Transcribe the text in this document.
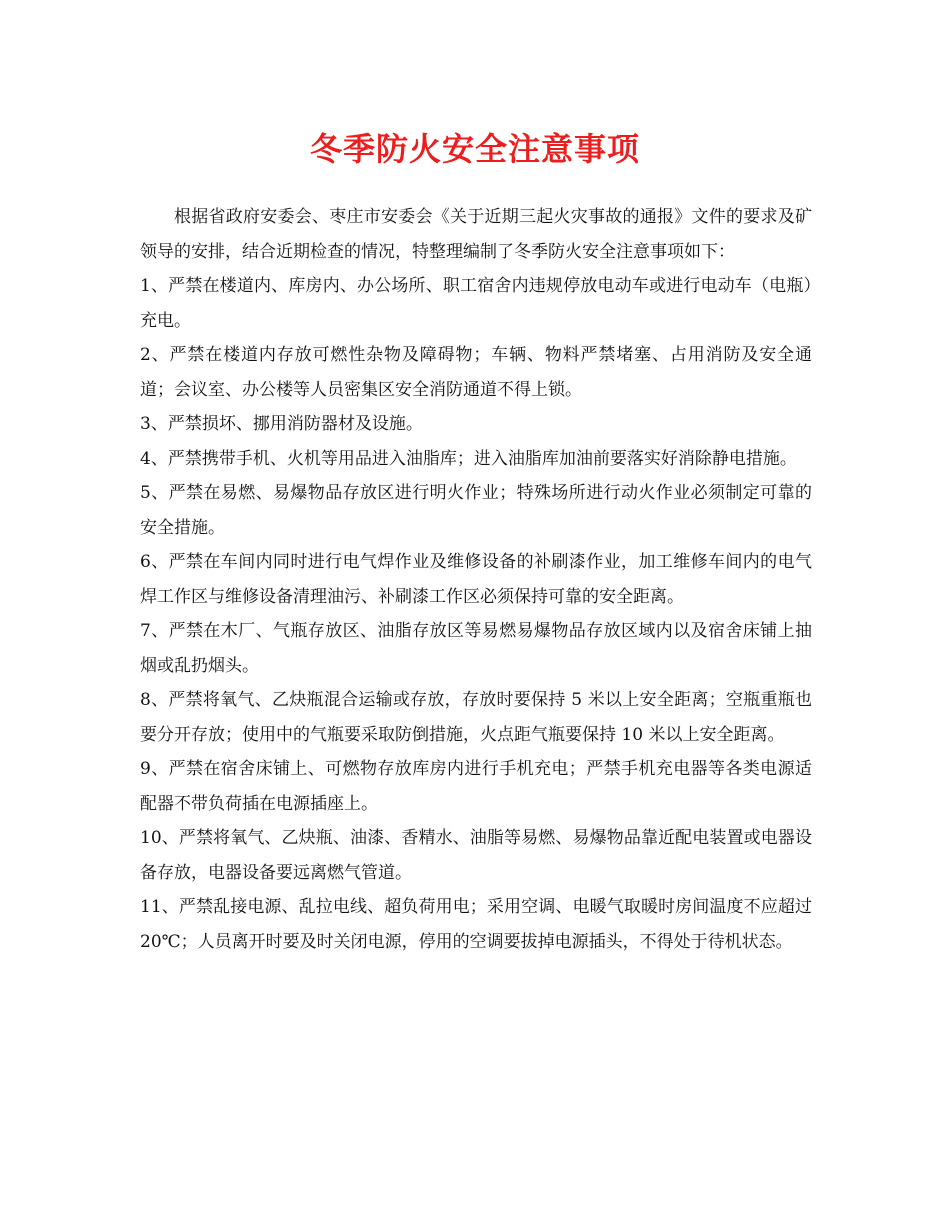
冬季防火安全注意事项

根据省政府安委会、枣庄市安委会《关于近期三起火灾事故的通报》文件的要求及矿领导的安排，结合近期检查的情况，特整理编制了冬季防火安全注意事项如下：

1、严禁在楼道内、库房内、办公场所、职工宿舍内违规停放电动车或进行电动车（电瓶）充电。

2、严禁在楼道内存放可燃性杂物及障碍物；车辆、物料严禁堵塞、占用消防及安全通道；会议室、办公楼等人员密集区安全消防通道不得上锁。

3、严禁损坏、挪用消防器材及设施。

4、严禁携带手机、火机等用品进入油脂库；进入油脂库加油前要落实好消除静电措施。

5、严禁在易燃、易爆物品存放区进行明火作业；特殊场所进行动火作业必须制定可靠的安全措施。

6、严禁在车间内同时进行电气焊作业及维修设备的补刷漆作业，加工维修车间内的电气焊工作区与维修设备清理油污、补刷漆工作区必须保持可靠的安全距离。

7、严禁在木厂、气瓶存放区、油脂存放区等易燃易爆物品存放区域内以及宿舍床铺上抽烟或乱扔烟头。

8、严禁将氧气、乙炔瓶混合运输或存放，存放时要保持 5 米以上安全距离；空瓶重瓶也要分开存放；使用中的气瓶要采取防倒措施，火点距气瓶要保持 10 米以上安全距离。

9、严禁在宿舍床铺上、可燃物存放库房内进行手机充电；严禁手机充电器等各类电源适配器不带负荷插在电源插座上。

10、严禁将氧气、乙炔瓶、油漆、香精水、油脂等易燃、易爆物品靠近配电装置或电器设备存放，电器设备要远离燃气管道。

11、严禁乱接电源、乱拉电线、超负荷用电；采用空调、电暖气取暖时房间温度不应超过 20℃；人员离开时要及时关闭电源，停用的空调要拔掉电源插头，不得处于待机状态。
